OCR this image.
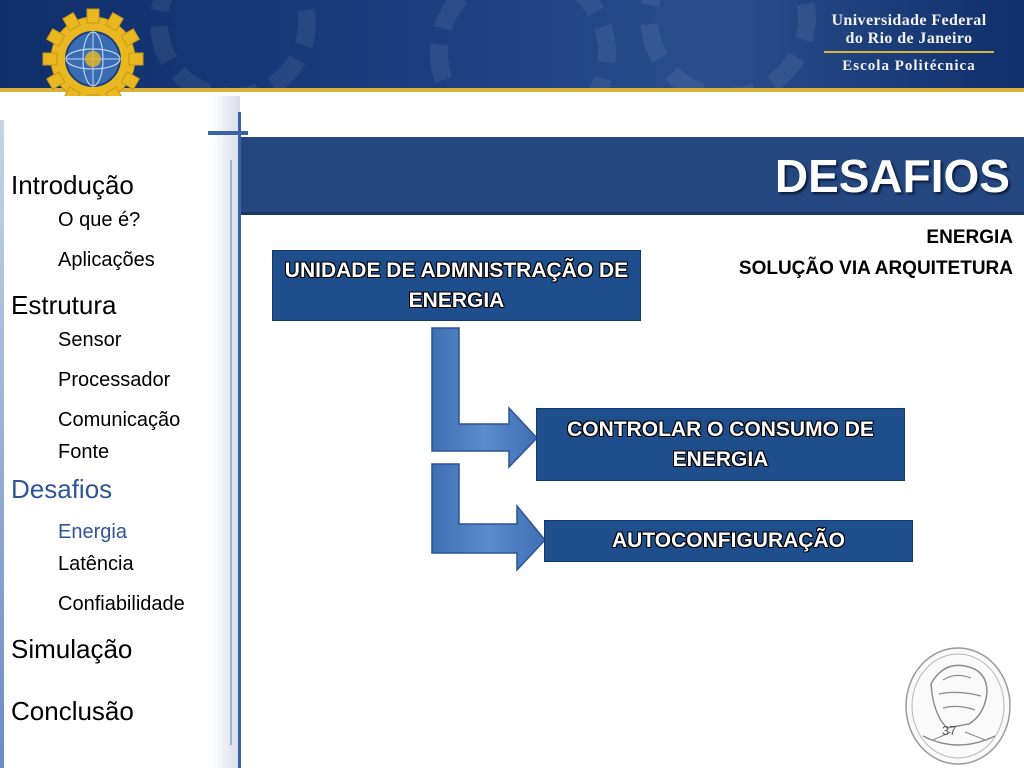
Universidade Federal
do Rio de Janeiro
Escola Politécnica
DESAFIOS
Introdução
O que é?
Aplicações
Estrutura
Sensor
Processador
Comunicação
Fonte
Desafios
Energia
Latência
Confiabilidade
Simulação
Conclusão
ENERGIA
SOLUÇÃO VIA ARQUITETURA
UNIDADE DE ADMNISTRAÇÃO DE ENERGIA
CONTROLAR O CONSUMO DE ENERGIA
AUTOCONFIGURAÇÃO
37
